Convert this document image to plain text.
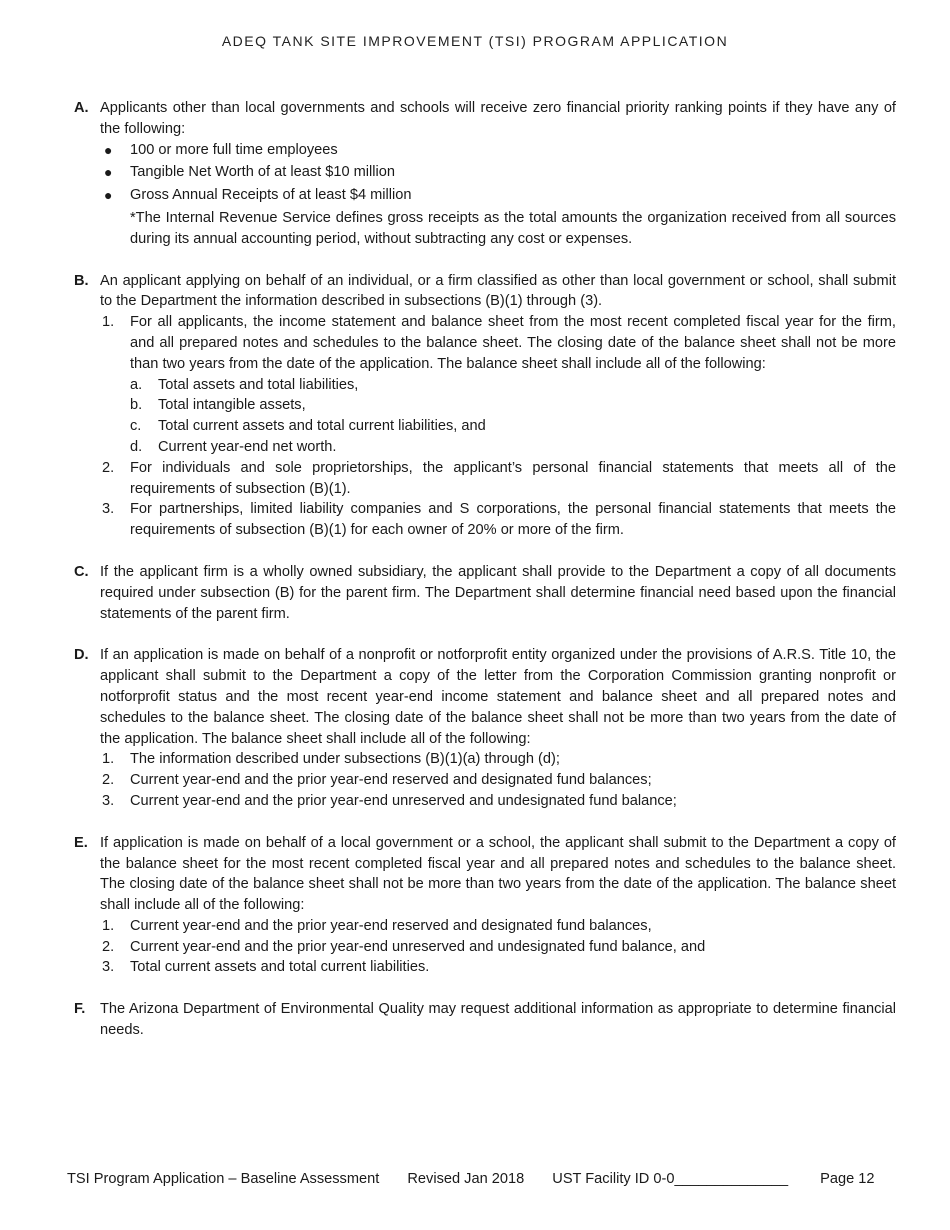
ADEQ TANK SITE IMPROVEMENT (TSI) PROGRAM APPLICATION
A. Applicants other than local governments and schools will receive zero financial priority ranking points if they have any of the following:
● 100 or more full time employees
● Tangible Net Worth of at least $10 million
● Gross Annual Receipts of at least $4 million
*The Internal Revenue Service defines gross receipts as the total amounts the organization received from all sources during its annual accounting period, without subtracting any cost or expenses.
B. An applicant applying on behalf of an individual, or a firm classified as other than local government or school, shall submit to the Department the information described in subsections (B)(1) through (3).
1. For all applicants, the income statement and balance sheet from the most recent completed fiscal year for the firm, and all prepared notes and schedules to the balance sheet. The closing date of the balance sheet shall not be more than two years from the date of the application. The balance sheet shall include all of the following:
a. Total assets and total liabilities,
b. Total intangible assets,
c. Total current assets and total current liabilities, and
d. Current year-end net worth.
2. For individuals and sole proprietorships, the applicant’s personal financial statements that meets all of the requirements of subsection (B)(1).
3. For partnerships, limited liability companies and S corporations, the personal financial statements that meets the requirements of subsection (B)(1) for each owner of 20% or more of the firm.
C. If the applicant firm is a wholly owned subsidiary, the applicant shall provide to the Department a copy of all documents required under subsection (B) for the parent firm. The Department shall determine financial need based upon the financial statements of the parent firm.
D. If an application is made on behalf of a nonprofit or notforprofit entity organized under the provisions of A.R.S. Title 10, the applicant shall submit to the Department a copy of the letter from the Corporation Commission granting nonprofit or notforprofit status and the most recent year-end income statement and balance sheet and all prepared notes and schedules to the balance sheet. The closing date of the balance sheet shall not be more than two years from the date of the application. The balance sheet shall include all of the following:
1. The information described under subsections (B)(1)(a) through (d);
2. Current year-end and the prior year-end reserved and designated fund balances;
3. Current year-end and the prior year-end unreserved and undesignated fund balance;
E. If application is made on behalf of a local government or a school, the applicant shall submit to the Department a copy of the balance sheet for the most recent completed fiscal year and all prepared notes and schedules to the balance sheet. The closing date of the balance sheet shall not be more than two years from the date of the application. The balance sheet shall include all of the following:
1. Current year-end and the prior year-end reserved and designated fund balances,
2. Current year-end and the prior year-end unreserved and undesignated fund balance, and
3. Total current assets and total current liabilities.
F.	The Arizona Department of Environmental Quality may request additional information as appropriate to determine financial needs.
TSI Program Application – Baseline Assessment Revised Jan 2018 UST Facility ID 0-0______________ Page 12
